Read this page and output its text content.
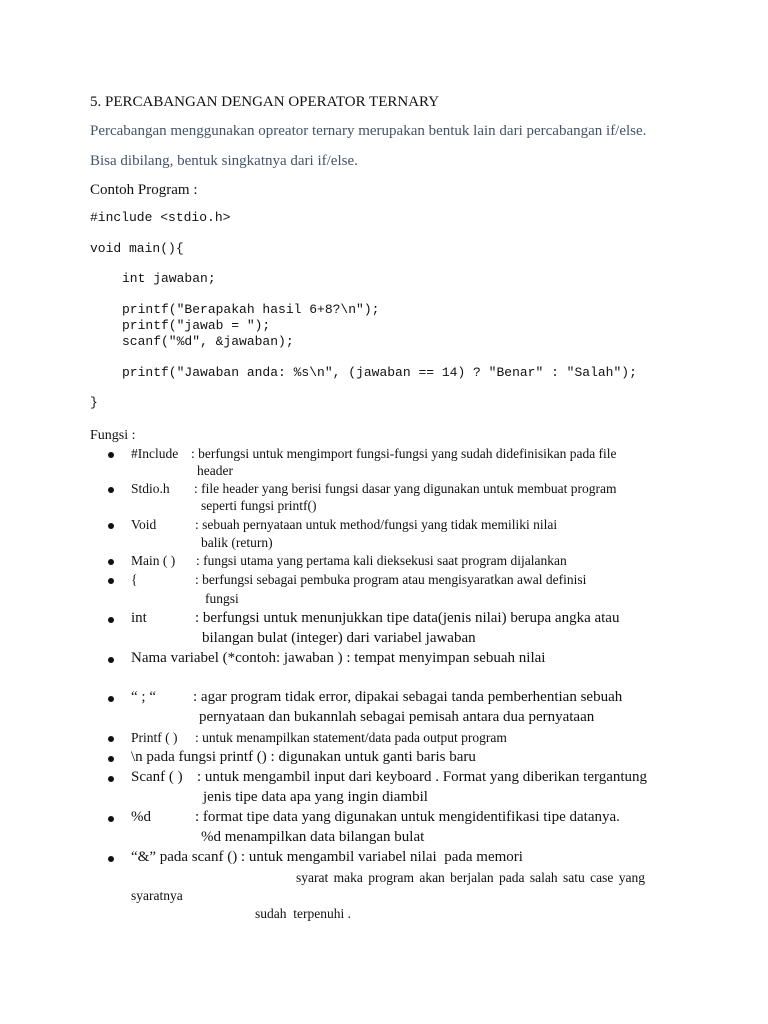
5. PERCABANGAN DENGAN OPERATOR TERNARY
Percabangan menggunakan opreator ternary merupakan bentuk lain dari percabangan if/else.
Bisa dibilang, bentuk singkatnya dari if/else.
Contoh Program :
#include <stdio.h>
void main(){
int jawaban;
printf("Berapakah hasil 6+8?\n");
printf("jawab = ");
scanf("%d", &jawaban);
printf("Jawaban anda: %s\n", (jawaban == 14) ? "Benar" : "Salah");
}
Fungsi :
#Include : berfungsi untuk mengimport fungsi-fungsi yang sudah didefinisikan pada file
header
Stdio.h : file header yang berisi fungsi dasar yang digunakan untuk membuat program
seperti fungsi printf()
Void	: sebuah pernyataan untuk method/fungsi yang tidak memiliki nilai
balik (return)
Main ( ) : fungsi utama yang pertama kali dieksekusi saat program dijalankan
{	: berfungsi sebagai pembuka program atau mengisyaratkan awal definisi
fungsi
int	: berfungsi untuk menunjukkan tipe data(jenis nilai) berupa angka atau
bilangan bulat (integer) dari variabel jawaban
Nama variabel (*contoh: jawaban ) : tempat menyimpan sebuah nilai
“ ; “ : agar program tidak error, dipakai sebagai tanda pemberhentian sebuah
pernyataan dan bukannlah sebagai pemisah antara dua pernyataan
Printf ( ) : untuk menampilkan statement/data pada output program
\n pada fungsi printf () : digunakan untuk ganti baris baru
Scanf ( ) : untuk mengambil input dari keyboard . Format yang diberikan tergantung
jenis tipe data apa yang ingin diambil
%d	: format tipe data yang digunakan untuk mengidentifikasi tipe datanya.
%d menampilkan data bilangan bulat
“&” pada scanf () : untuk mengambil variabel nilai  pada memori
syarat maka program akan berjalan pada salah satu case yang
syaratnya
sudah  terpenuhi .
